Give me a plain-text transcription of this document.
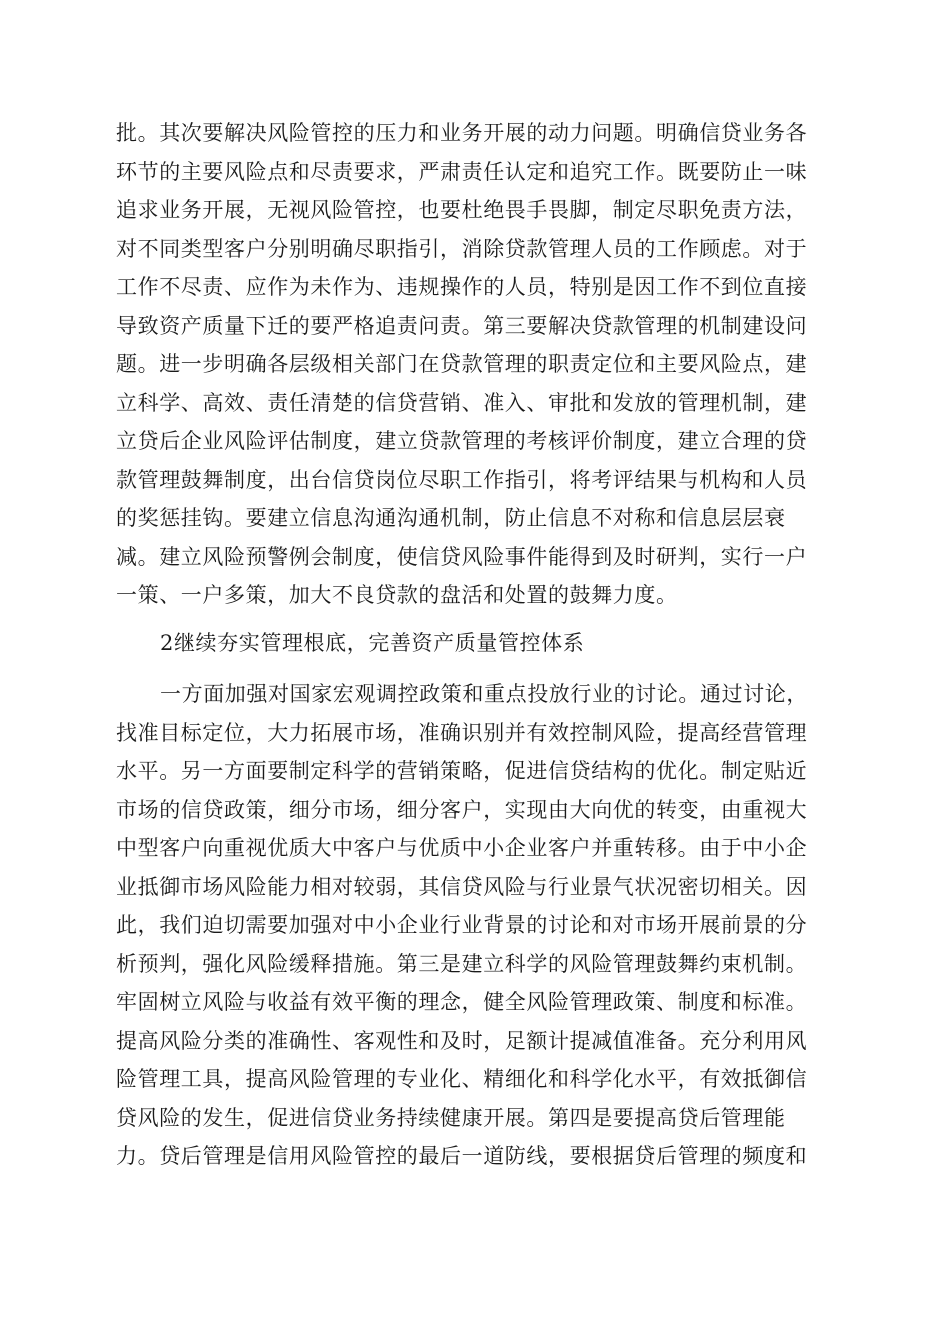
批。其次要解决风险管控的压力和业务开展的动力问题。明确信贷业务各
环节的主要风险点和尽责要求，严肃责任认定和追究工作。既要防止一味
追求业务开展，无视风险管控，也要杜绝畏手畏脚，制定尽职免责方法，
对不同类型客户分别明确尽职指引，消除贷款管理人员的工作顾虑。对于
工作不尽责、应作为未作为、违规操作的人员，特别是因工作不到位直接
导致资产质量下迁的要严格追责问责。第三要解决贷款管理的机制建设问
题。进一步明确各层级相关部门在贷款管理的职责定位和主要风险点，建
立科学、高效、责任清楚的信贷营销、准入、审批和发放的管理机制，建
立贷后企业风险评估制度，建立贷款管理的考核评价制度，建立合理的贷
款管理鼓舞制度，出台信贷岗位尽职工作指引，将考评结果与机构和人员
的奖惩挂钩。要建立信息沟通沟通机制，防止信息不对称和信息层层衰
减。建立风险预警例会制度，使信贷风险事件能得到及时研判，实行一户
一策、一户多策，加大不良贷款的盘活和处置的鼓舞力度。
2继续夯实管理根底，完善资产质量管控体系
一方面加强对国家宏观调控政策和重点投放行业的讨论。通过讨论，
找准目标定位，大力拓展市场，准确识别并有效控制风险，提高经营管理
水平。另一方面要制定科学的营销策略，促进信贷结构的优化。制定贴近
市场的信贷政策，细分市场，细分客户，实现由大向优的转变，由重视大
中型客户向重视优质大中客户与优质中小企业客户并重转移。由于中小企
业抵御市场风险能力相对较弱，其信贷风险与行业景气状况密切相关。因
此，我们迫切需要加强对中小企业行业背景的讨论和对市场开展前景的分
析预判，强化风险缓释措施。第三是建立科学的风险管理鼓舞约束机制。
牢固树立风险与收益有效平衡的理念，健全风险管理政策、制度和标准。
提高风险分类的准确性、客观性和及时，足额计提减值准备。充分利用风
险管理工具，提高风险管理的专业化、精细化和科学化水平，有效抵御信
贷风险的发生，促进信贷业务持续健康开展。第四是要提高贷后管理能
力。贷后管理是信用风险管控的最后一道防线，要根据贷后管理的频度和
